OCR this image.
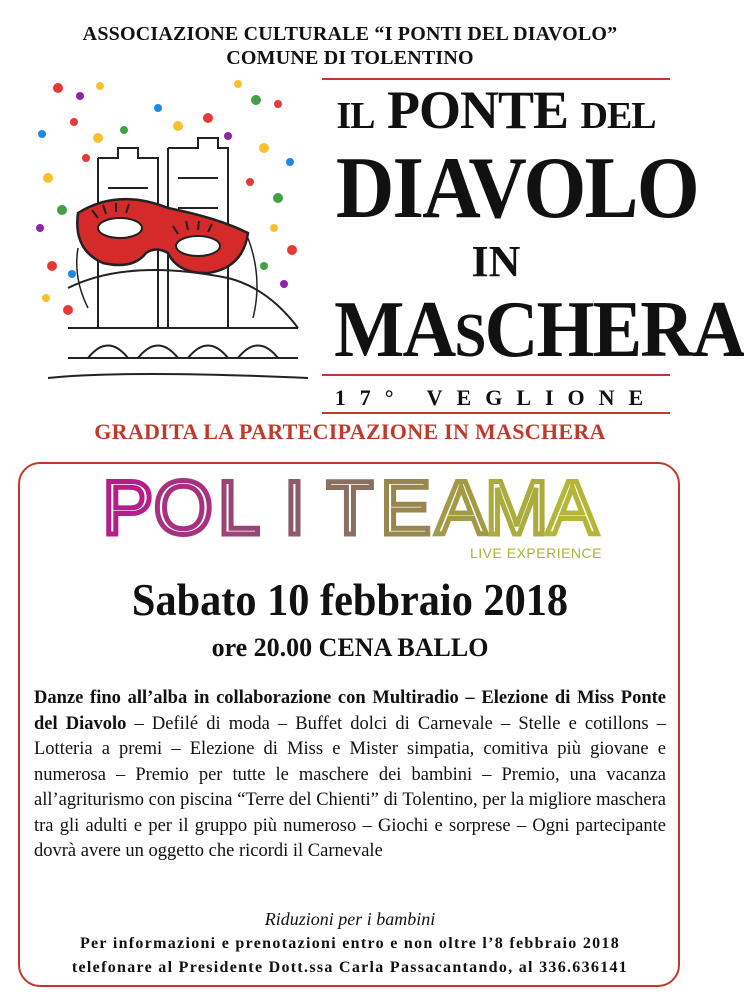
ASSOCIAZIONE CULTURALE “I PONTI DEL DIAVOLO”
COMUNE DI TOLENTINO
IL PONTE DEL
DIAVOLO
IN
MASCHERA
17° VEGLIONE
GRADITA LA PARTECIPAZIONE IN MASCHERA
P O L I T E A
M
A
LIVE EXPERIENCE
Sabato 10 febbraio 2018
ore 20.00 CENA BALLO
Danze fino all’alba in collaborazione con Multiradio – Elezione di Miss Ponte del Diavolo – Defilé di moda – Buffet dolci di Carnevale – Stelle e cotillons – Lotteria a premi – Elezione di Miss e Mister simpatia, comitiva più giovane e numerosa – Premio per tutte le maschere dei bambini – Premio, una vacanza all’agriturismo con piscina “Terre del Chienti” di Tolentino, per la migliore maschera tra gli adulti e per il gruppo più numeroso – Giochi e sorprese – Ogni partecipante dovrà avere un oggetto che ricordi il Carnevale
Riduzioni per i bambini
Per informazioni e prenotazioni entro e non oltre l’8 febbraio 2018
telefonare al Presidente Dott.ssa Carla Passacantando, al 336.636141
